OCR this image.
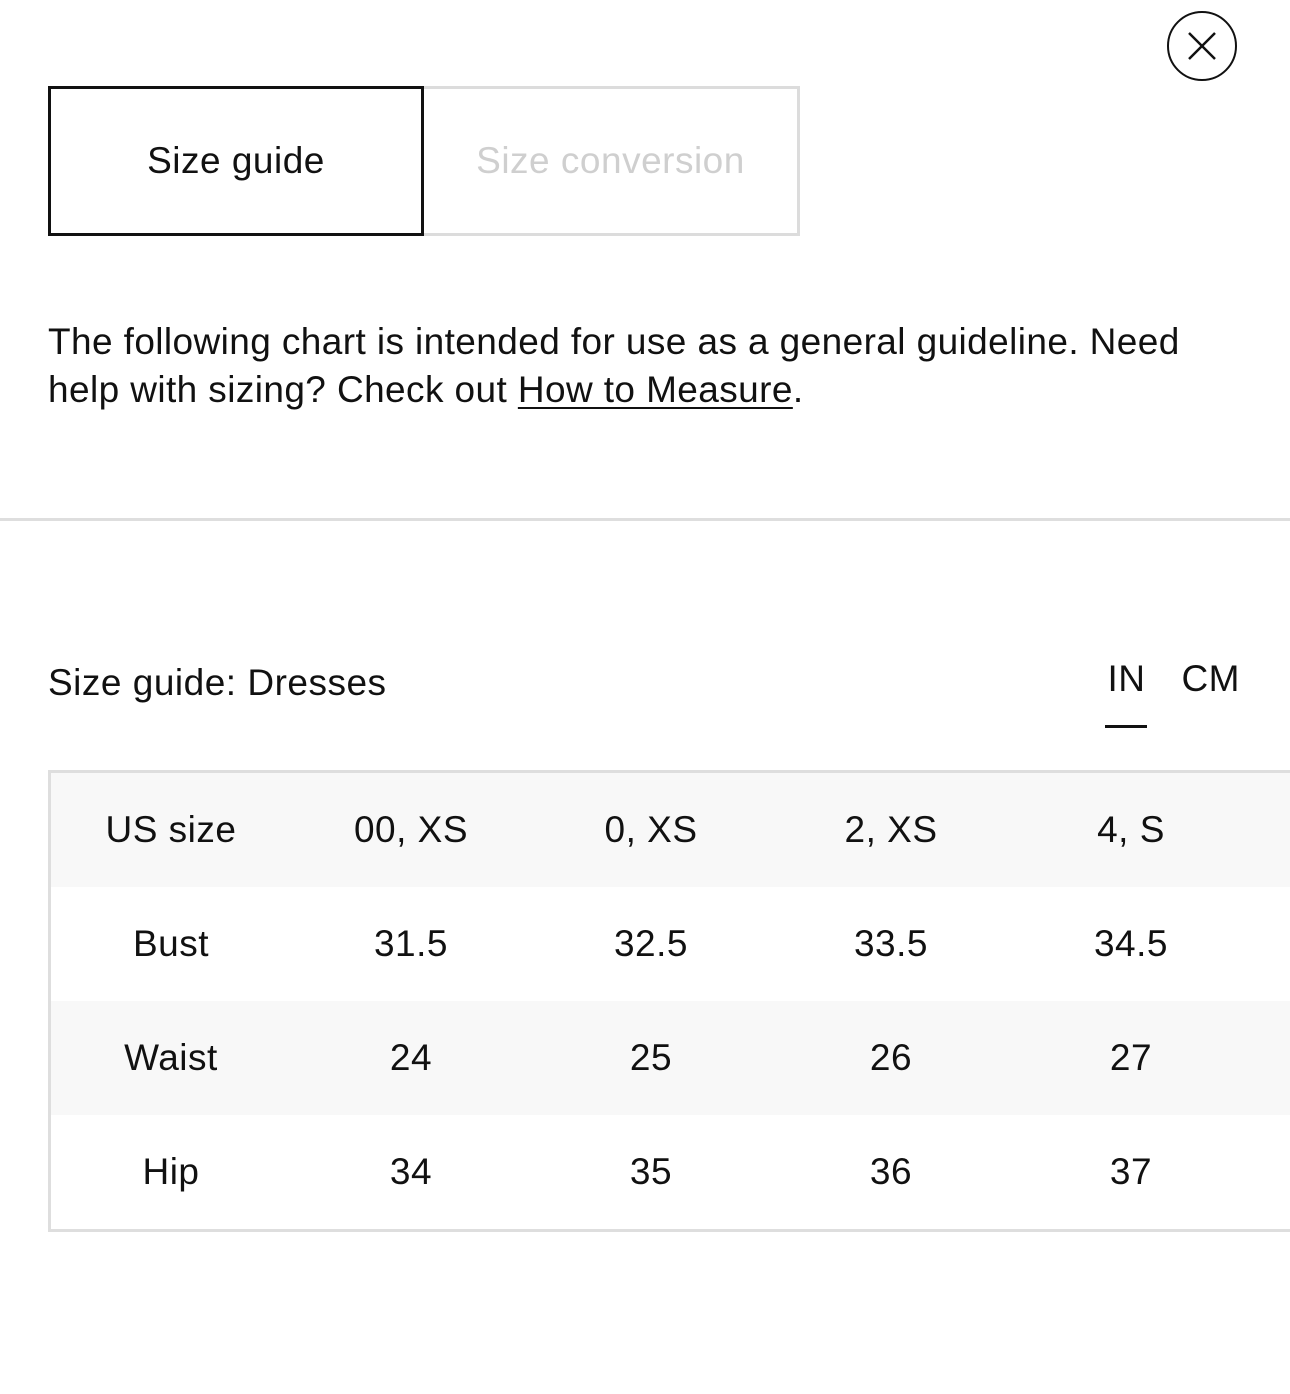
Size guide	Size conversion
The following chart is intended for use as a general guideline. Need help with sizing? Check out How to Measure.
Size guide: Dresses	IN CM
US size	00, XS	0, XS	2, XS	4, S
Bust	31.5	32.5	33.5	34.5
Waist	24	25	26	27
Hip	34	35	36	37
